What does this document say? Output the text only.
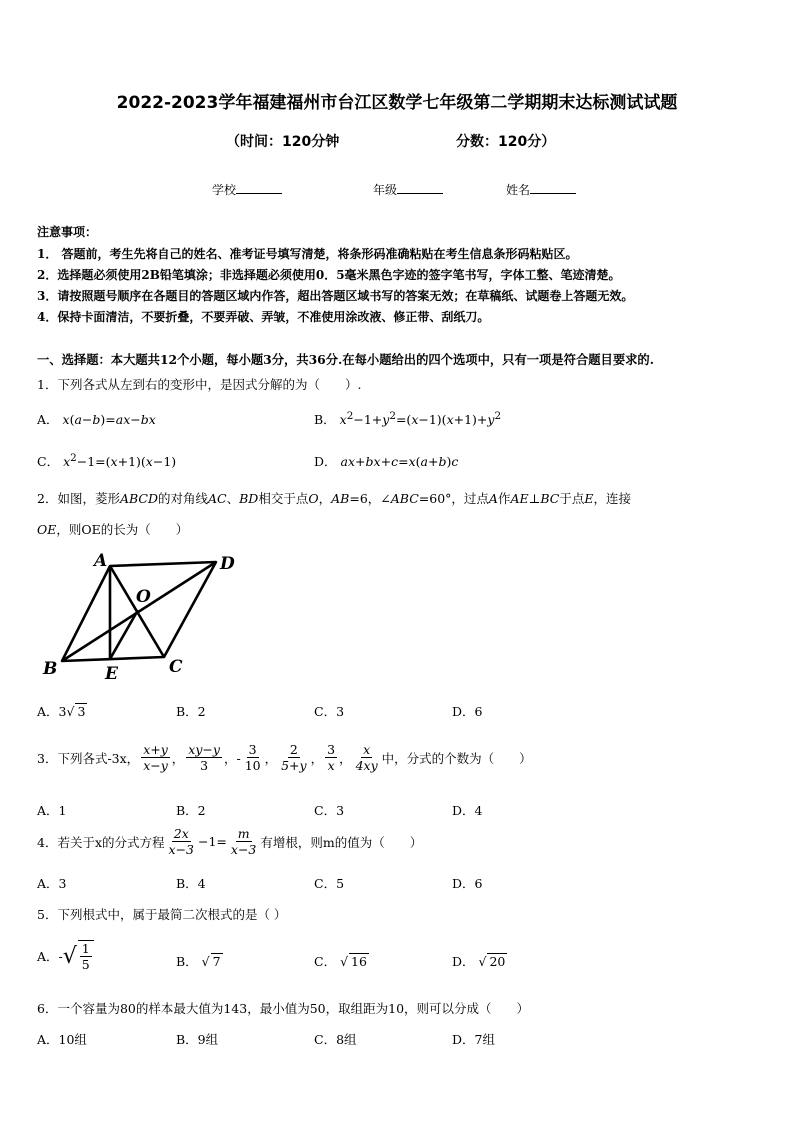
2022-2023学年福建福州市台江区数学七年级第二学期期末达标测试试题
（时间：120分钟	分数：120分）
学校	年级	姓名
注意事项：
1． 答题前，考生先将自己的姓名、准考证号填写清楚，将条形码准确粘贴在考生信息条形码粘贴区。
2．选择题必须使用2B铅笔填涂；非选择题必须使用0．5毫米黑色字迹的签字笔书写，字体工整、笔迹清楚。
3．请按照题号顺序在各题目的答题区域内作答，超出答题区域书写的答案无效；在草稿纸、试题卷上答题无效。
4．保持卡面清洁，不要折叠，不要弄破、弄皱，不准使用涂改液、修正带、刮纸刀。
一、选择题：本大题共12个小题，每小题3分，共36分.在每小题给出的四个选项中，只有一项是符合题目要求的.
1．下列各式从左到右的变形中，是因式分解的为（　　）.
A． x(a−b)=ax−bx	B． $x^2-1+y^2=(x-1)(x+1)+y^2$
C． $x^2-1=(x+1)(x-1)$	D． ax+bx+c=x(a+b)c
2．如图，菱形ABCD的对角线AC、BD相交于点O，AB=6，∠ABC=60°，过点A作AE⊥BC于点E，连接
OE，则OE的长为（　　）
A	D
O
B	E	C
A．3√ 3	B．2	C．3	D．6
3．下列各式-3x， $\frac{x+y}{x-y}$ ， $\frac{xy-y}{3}$ ，- $\frac{3}{10}$ ， $\frac{2}{5+y}$ ， $\frac{3}{x}$ ， $\frac{x}{4xy}$ 中，分式的个数为（　　）
A．1	B．2	C．3	D．4
4．若关于x的分式方程 $\frac{2x}{x-3} -1= \frac{m}{x-3}$ 有增根，则m的值为（　　）
A．3	B．4	C．5	D．6
5．下列根式中，属于最简二次根式的是（ ）
A．- √ $\frac{1}{5}$	B． √ 7	C． √ 16	D． √ 20
6．一个容量为80的样本最大值为143，最小值为50，取组距为10，则可以分成（　　）
A．10组	B．9组	C．8组	D．7组
